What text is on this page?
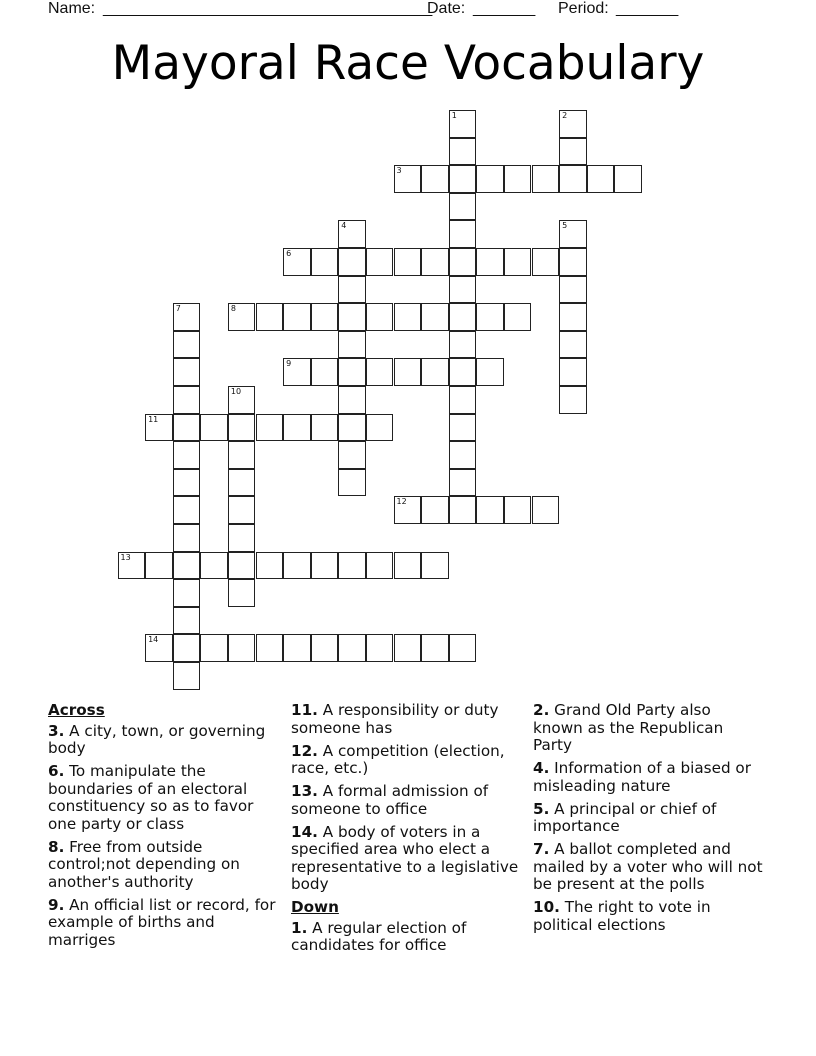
Name: _____________________________________
Date: _______ Period: _______
Mayoral Race Vocabulary
1	2
3
4	5
6
7	8
9
10
11
12
13
14
Across
3. A city, town, or governing body
6. To manipulate the boundaries of an electoral constituency so as to favor one party or class
8. Free from outside control;not depending on another's authority
9. An official list or record, for example of births and marriges
11. A responsibility or duty someone has
12. A competition (election, race, etc.)
13. A formal admission of someone to office
14. A body of voters in a specified area who elect a representative to a legislative body
Down
1. A regular election of candidates for office
2. Grand Old Party also known as the Republican Party
4. Information of a biased or misleading nature
5. A principal or chief of importance
7. A ballot completed and mailed by a voter who will not be present at the polls
10. The right to vote in political elections
